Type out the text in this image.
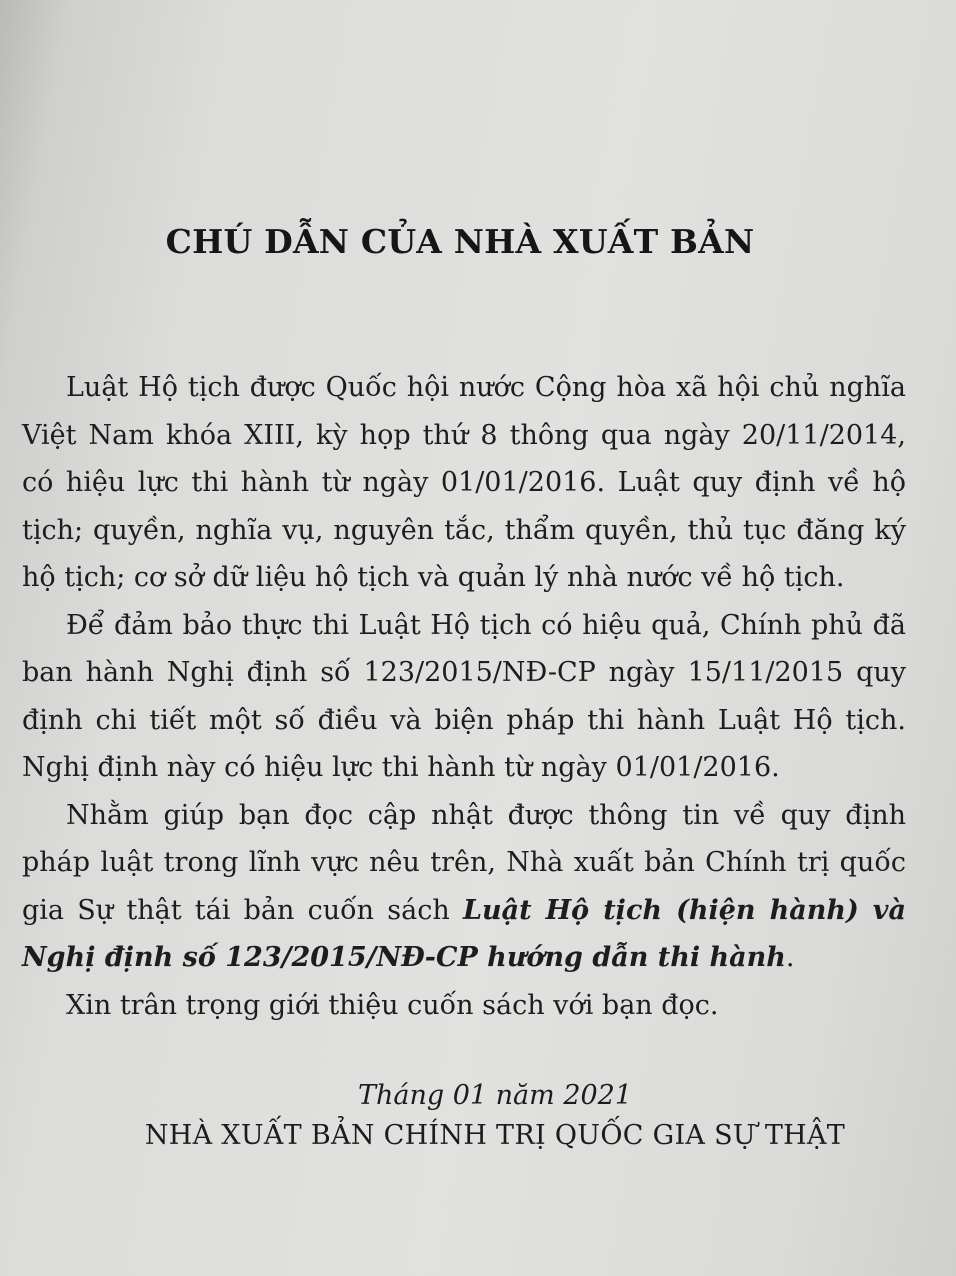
CHÚ DẪN CỦA NHÀ XUẤT BẢN

Luật Hộ tịch được Quốc hội nước Cộng hòa xã hội chủ nghĩa Việt Nam khóa XIII, kỳ họp thứ 8 thông qua ngày 20/11/2014, có hiệu lực thi hành từ ngày 01/01/2016. Luật quy định về hộ tịch; quyền, nghĩa vụ, nguyên tắc, thẩm quyền, thủ tục đăng ký hộ tịch; cơ sở dữ liệu hộ tịch và quản lý nhà nước về hộ tịch.

Để đảm bảo thực thi Luật Hộ tịch có hiệu quả, Chính phủ đã ban hành Nghị định số 123/2015/NĐ-CP ngày 15/11/2015 quy định chi tiết một số điều và biện pháp thi hành Luật Hộ tịch. Nghị định này có hiệu lực thi hành từ ngày 01/01/2016.

Nhằm giúp bạn đọc cập nhật được thông tin về quy định pháp luật trong lĩnh vực nêu trên, Nhà xuất bản Chính trị quốc gia Sự thật tái bản cuốn sách Luật Hộ tịch (hiện hành) và Nghị định số 123/2015/NĐ-CP hướng dẫn thi hành.

Xin trân trọng giới thiệu cuốn sách với bạn đọc.

Tháng 01 năm 2021
NHÀ XUẤT BẢN CHÍNH TRỊ QUỐC GIA SỰ THẬT
